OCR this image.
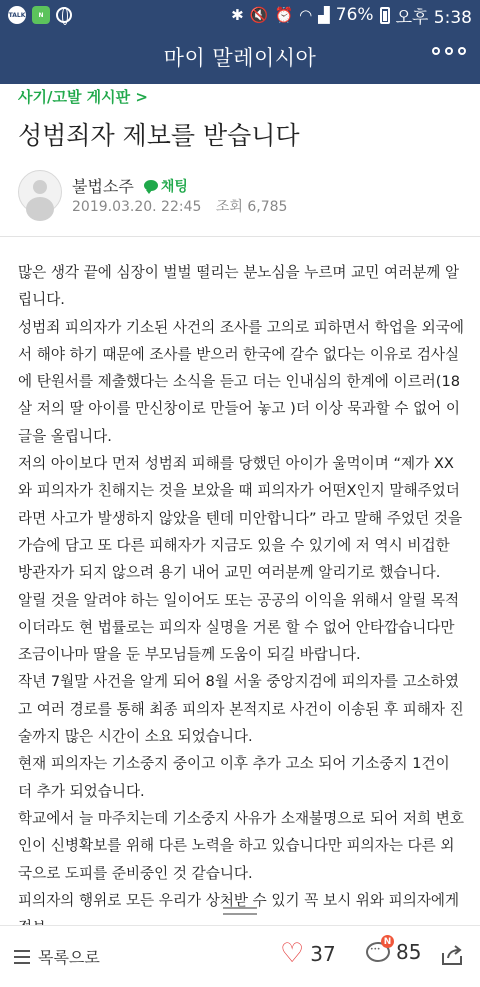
TALK	N	✱ 🔇 ⏰ ◠ ▟ 76% 오후 5:38
마이 말레이시아
사기/고발 게시판 >
성범죄자 제보를 받습니다
불법소주 채팅
2019.03.20. 22:45 조회 6,785

많은 생각 끝에 심장이 벌벌 떨리는 분노심을 누르며 교민 여러분께 알립니다.

성범죄 피의자가 기소된 사건의 조사를 고의로 피하면서 학업을 외국에서 해야 하기 때문에 조사를 받으러 한국에 갈수 없다는 이유로 검사실에 탄원서를 제출했다는 소식을 듣고 더는 인내심의 한계에 이르러(18살 저의 딸 아이를 만신창이로 만들어 놓고 )더 이상 묵과할 수 없어 이 글을 올립니다.

저의 아이보다 먼저 성범죄 피해를 당했던 아이가 울먹이며 “제가 XX와 피의자가 친해지는 것을 보았을 때 피의자가 어떤X인지 말해주었더라면 사고가 발생하지 않았을 텐데 미안합니다” 라고 말해 주었던 것을 가슴에 담고 또 다른 피해자가 지금도 있을 수 있기에 저 역시 비겁한 방관자가 되지 않으려 용기 내어 교민 여러분께 알리기로 했습니다.

알릴 것을 알려야 하는 일이어도 또는 공공의 이익을 위해서 알릴 목적이더라도 현 법률로는 피의자 실명을 거론 할 수 없어 안타깝습니다만 조금이나마 딸을 둔 부모님들께 도움이 되길 바랍니다.

작년 7월말 사건을 알게 되어 8월 서울 중앙지검에 피의자를 고소하였고 여러 경로를 통해 최종 피의자 본적지로 사건이 이송된 후 피해자 진술까지 많은 시간이 소요 되었습니다.

현재 피의자는 기소중지 중이고 이후 추가 고소 되어 기소중지 1건이 더 추가 되었습니다.

학교에서 늘 마주치는데 기소중지 사유가 소재불명으로 되어 저희 변호인이 신병확보를 위해 다른 노력을 하고 있습니다만 피의자는 다른 외국으로 도피를 준비중인 것 같습니다.

피의자의 행위로 모든 우리가 상처받 수 있기 꼭 보시 위와 피의자에게

목록으로	♡ 37	N
• • • 85
